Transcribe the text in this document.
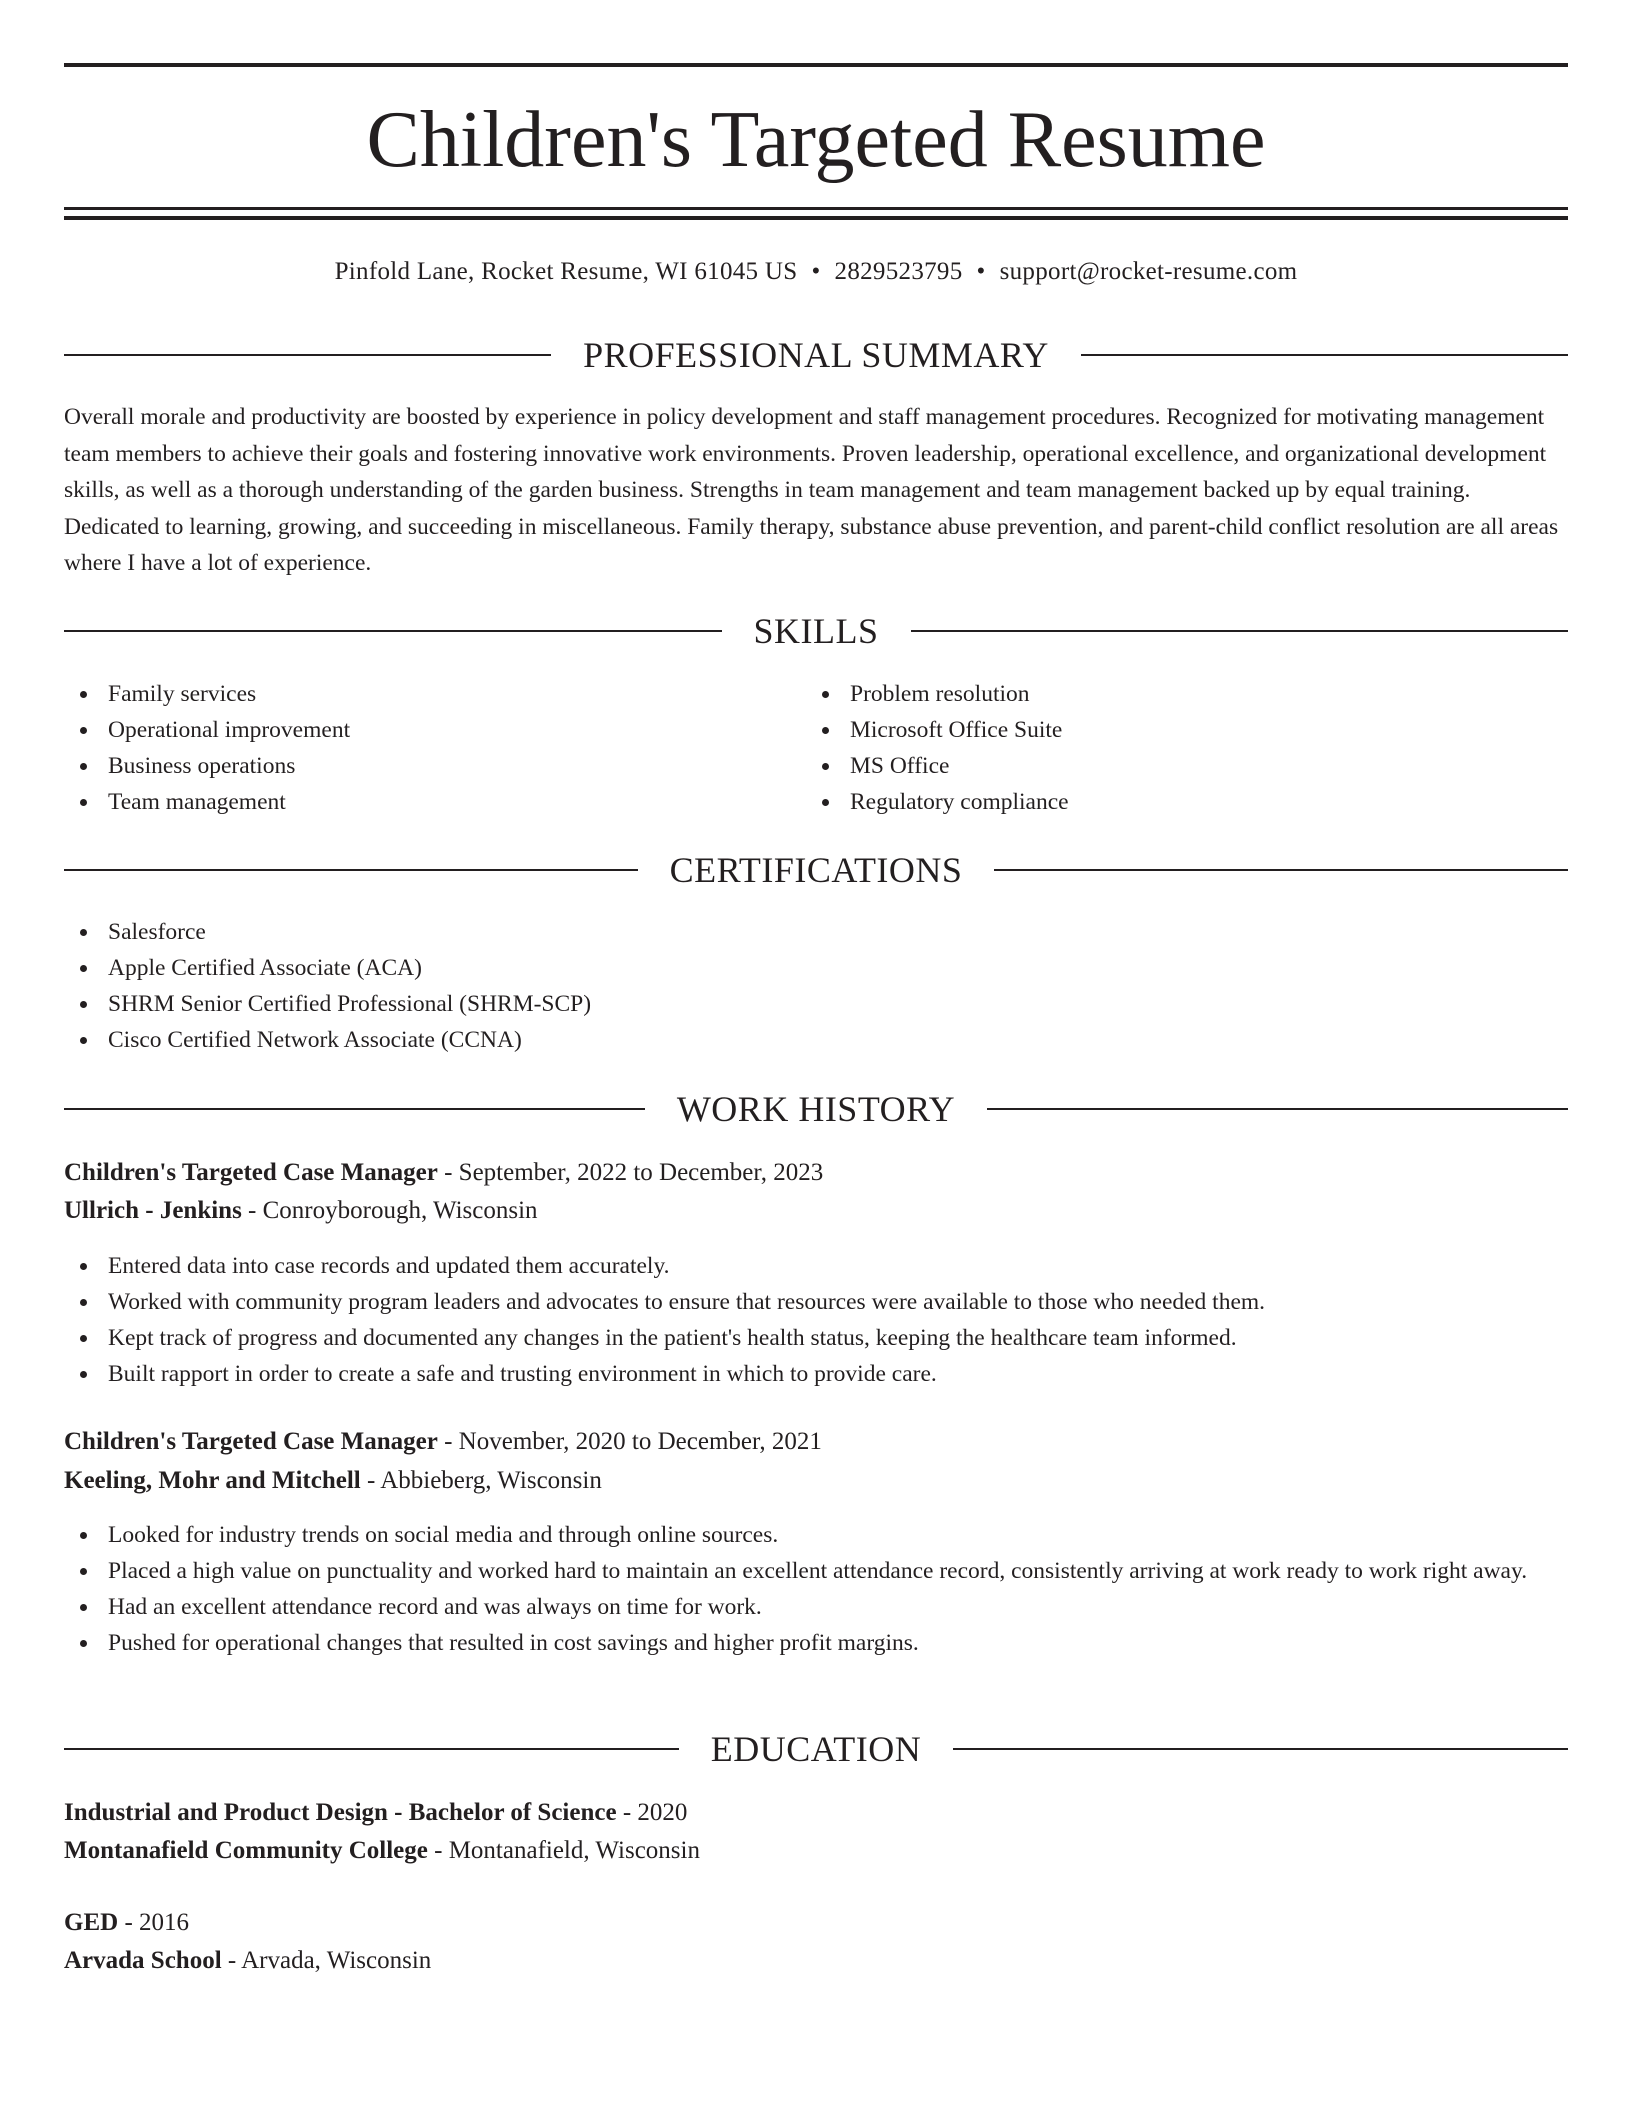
Children's Targeted Resume
Pinfold Lane, Rocket Resume, WI 61045 US • 2829523795 • support@rocket-resume.com
PROFESSIONAL SUMMARY

Overall morale and productivity are boosted by experience in policy development and staff management procedures. Recognized for motivating management team members to achieve their goals and fostering innovative work environments. Proven leadership, operational excellence, and organizational development skills, as well as a thorough understanding of the garden business. Strengths in team management and team management backed up by equal training. Dedicated to learning, growing, and succeeding in miscellaneous. Family therapy, substance abuse prevention, and parent-child conflict resolution are all areas where I have a lot of experience.

SKILLS
Family services
Operational improvement
Business operations
Team management
Problem resolution
Microsoft Office Suite
MS Office
Regulatory compliance
CERTIFICATIONS
Salesforce
Apple Certified Associate (ACA)
SHRM Senior Certified Professional (SHRM-SCP)
Cisco Certified Network Associate (CCNA)
WORK HISTORY
Children's Targeted Case Manager - September, 2022 to December, 2023
Ullrich - Jenkins - Conroyborough, Wisconsin
Entered data into case records and updated them accurately.
Worked with community program leaders and advocates to ensure that resources were available to those who needed them.
Kept track of progress and documented any changes in the patient's health status, keeping the healthcare team informed.
Built rapport in order to create a safe and trusting environment in which to provide care.
Children's Targeted Case Manager - November, 2020 to December, 2021
Keeling, Mohr and Mitchell - Abbieberg, Wisconsin
Looked for industry trends on social media and through online sources.
Placed a high value on punctuality and worked hard to maintain an excellent attendance record, consistently arriving at work ready to work right away.
Had an excellent attendance record and was always on time for work.
Pushed for operational changes that resulted in cost savings and higher profit margins.
EDUCATION
Industrial and Product Design - Bachelor of Science - 2020
Montanafield Community College - Montanafield, Wisconsin
GED - 2016
Arvada School - Arvada, Wisconsin
